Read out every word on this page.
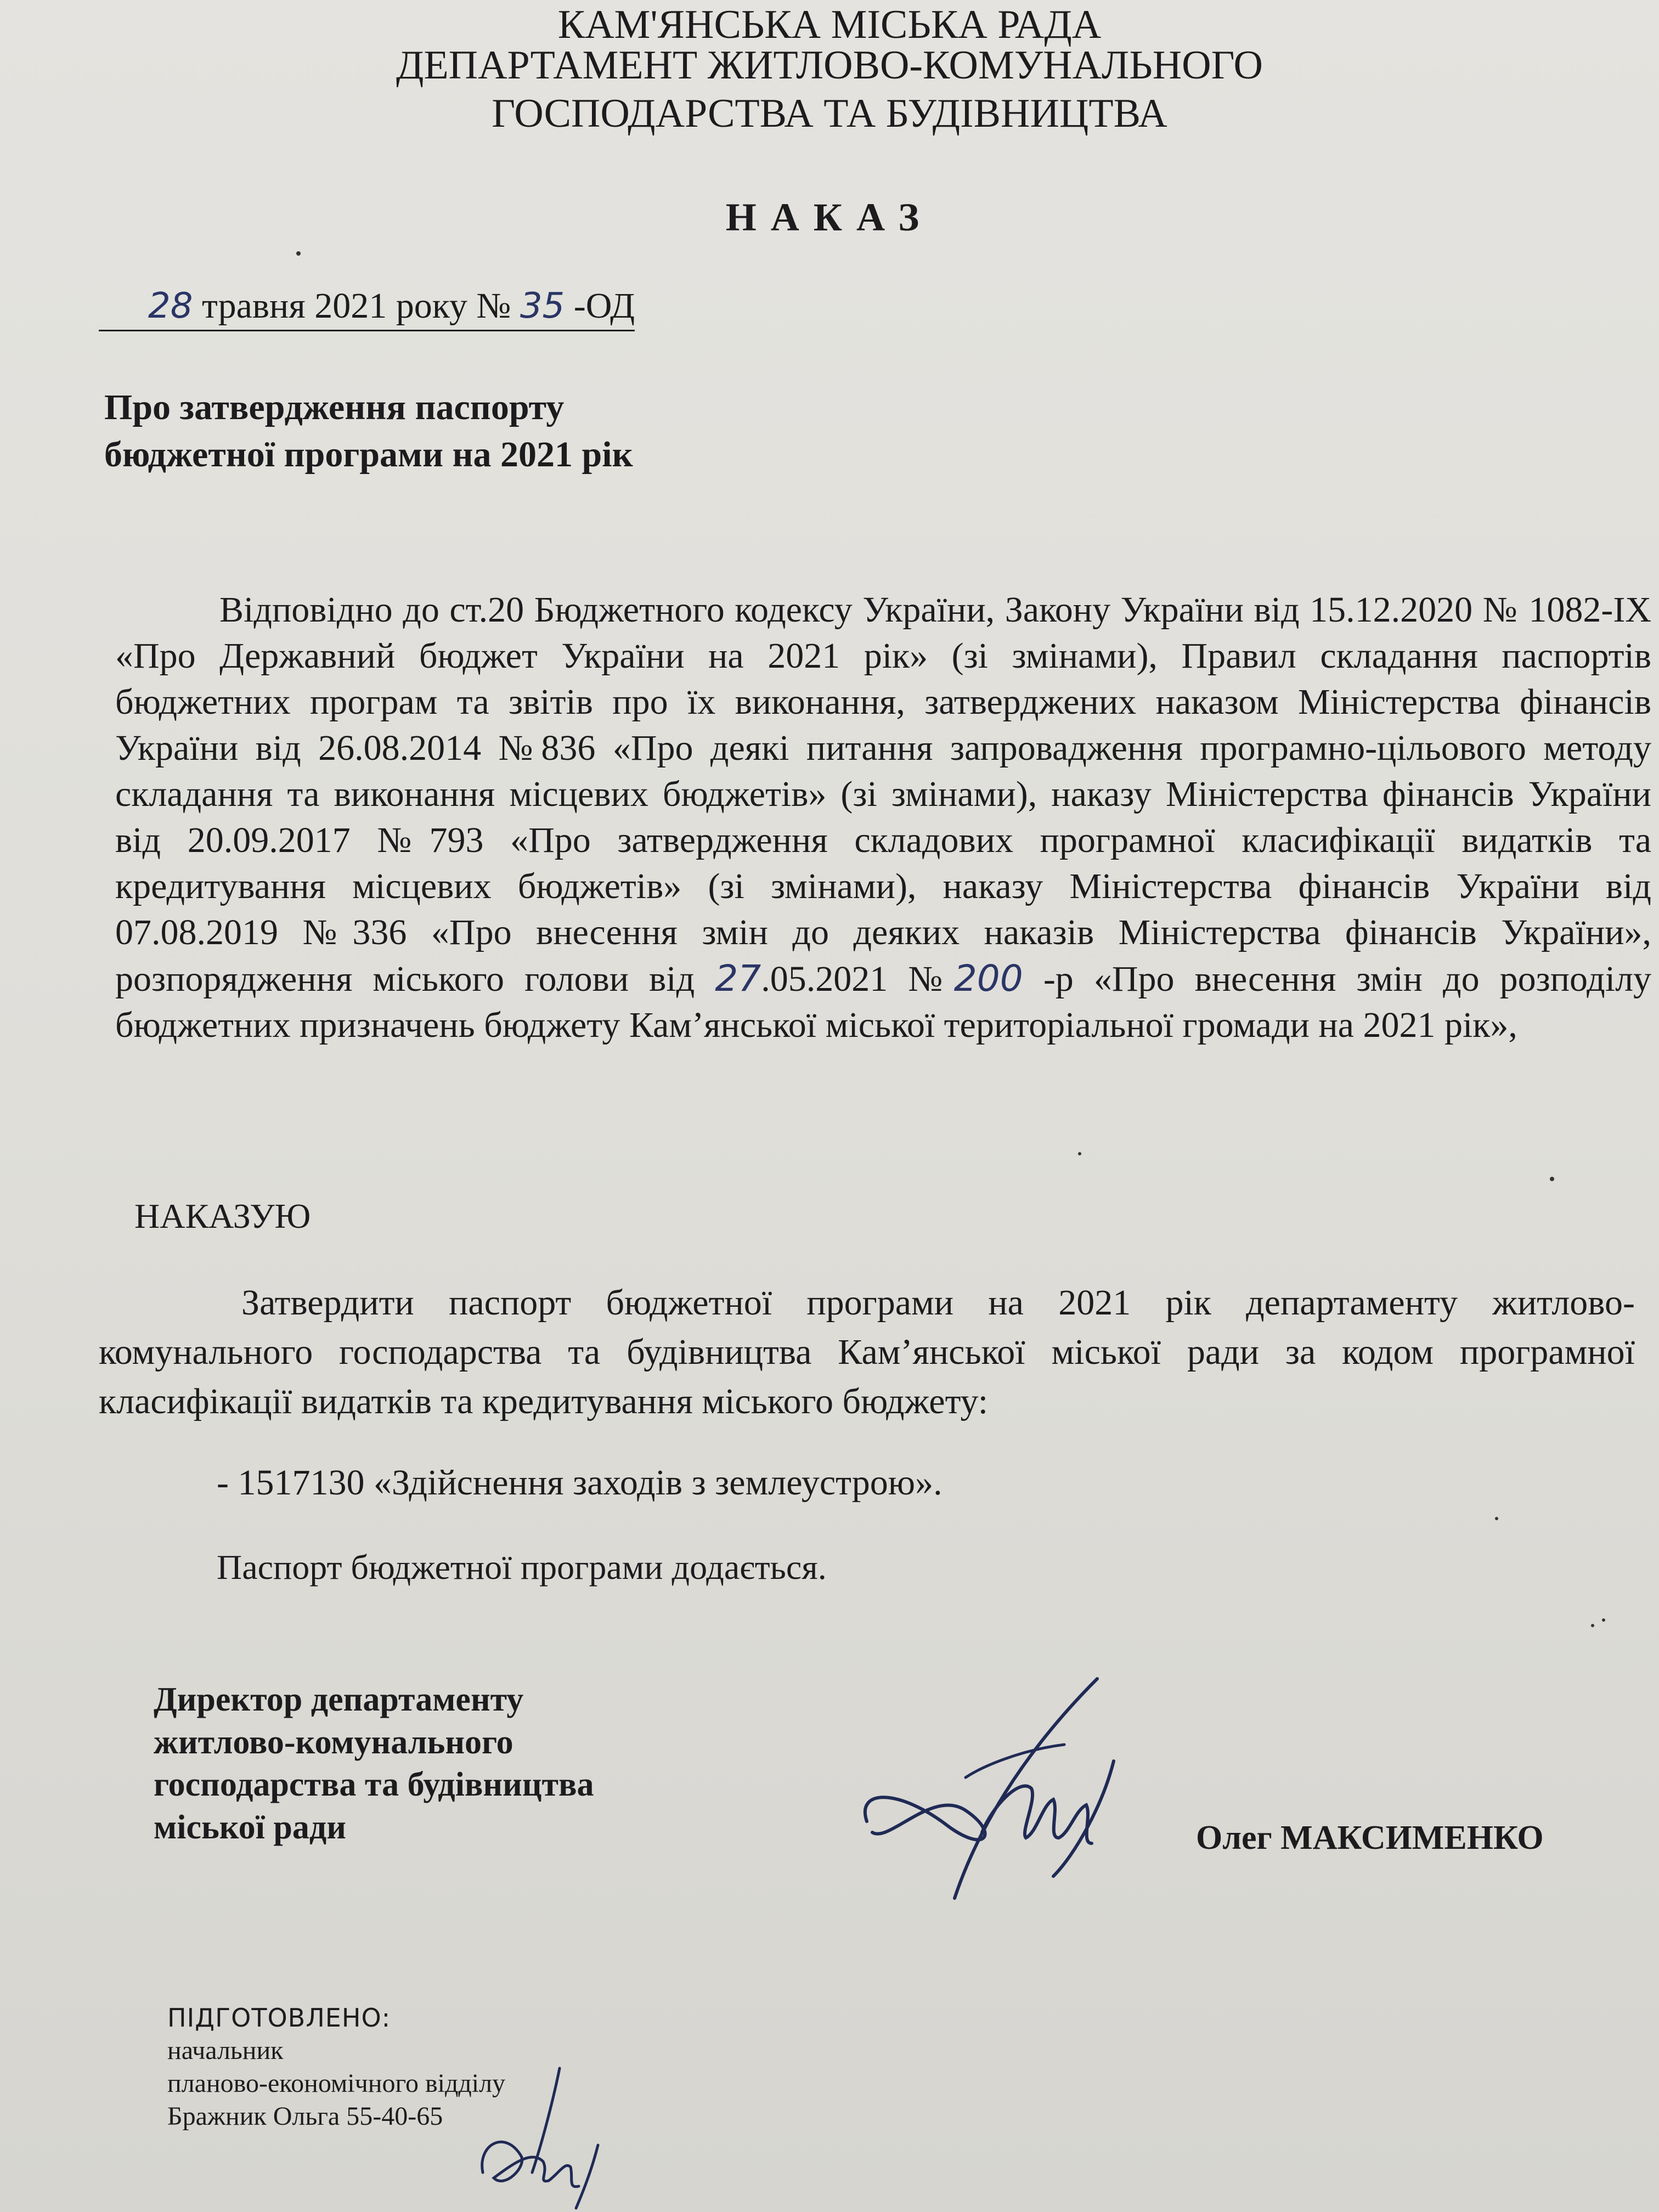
КАМ'ЯНСЬКА МІСЬКА РАДА
ДЕПАРТАМЕНТ ЖИТЛОВО-КОМУНАЛЬНОГО
ГОСПОДАРСТВА ТА БУДІВНИЦТВА
НАКАЗ
28 травня 2021 року № 35 -ОД
Про затвердження паспорту
бюджетної програми на 2021 рік
Відповідно до ст.20 Бюджетного кодексу України, Закону України від 15.12.2020 № 1082-IX «Про Державний бюджет України на 2021 рік» (зі змінами), Правил складання паспортів бюджетних програм та звітів про їх виконання, затверджених наказом Міністерства фінансів України від 26.08.2014 №836 «Про деякі питання запровадження програмно-цільового методу складання та виконання місцевих бюджетів» (зі змінами), наказу Міністерства фінансів України від 20.09.2017 №793 «Про затвердження складових програмної класифікації видатків та кредитування місцевих бюджетів» (зі змінами), наказу Міністерства фінансів України від 07.08.2019 №336 «Про внесення змін до деяких наказів Міністерства фінансів України», розпорядження міського голови від 27.05.2021 №200 -р «Про внесення змін до розподілу бюджетних призначень бюджету Кам’янської міської територіальної громади на 2021 рік»,
НАКАЗУЮ
Затвердити паспорт бюджетної програми на 2021 рік департаменту житлово-комунального господарства та будівництва Кам’янської міської ради за кодом програмної класифікації видатків та кредитування міського бюджету:
- 1517130 «Здійснення заходів з землеустрою».
Паспорт бюджетної програми додається.
Директор департаменту
житлово-комунального
господарства та будівництва
міської ради	Олег МАКСИМЕНКО
ПІДГОТОВЛЕНО:
начальник
планово-економічного відділу
Бражник Ольга 55-40-65
